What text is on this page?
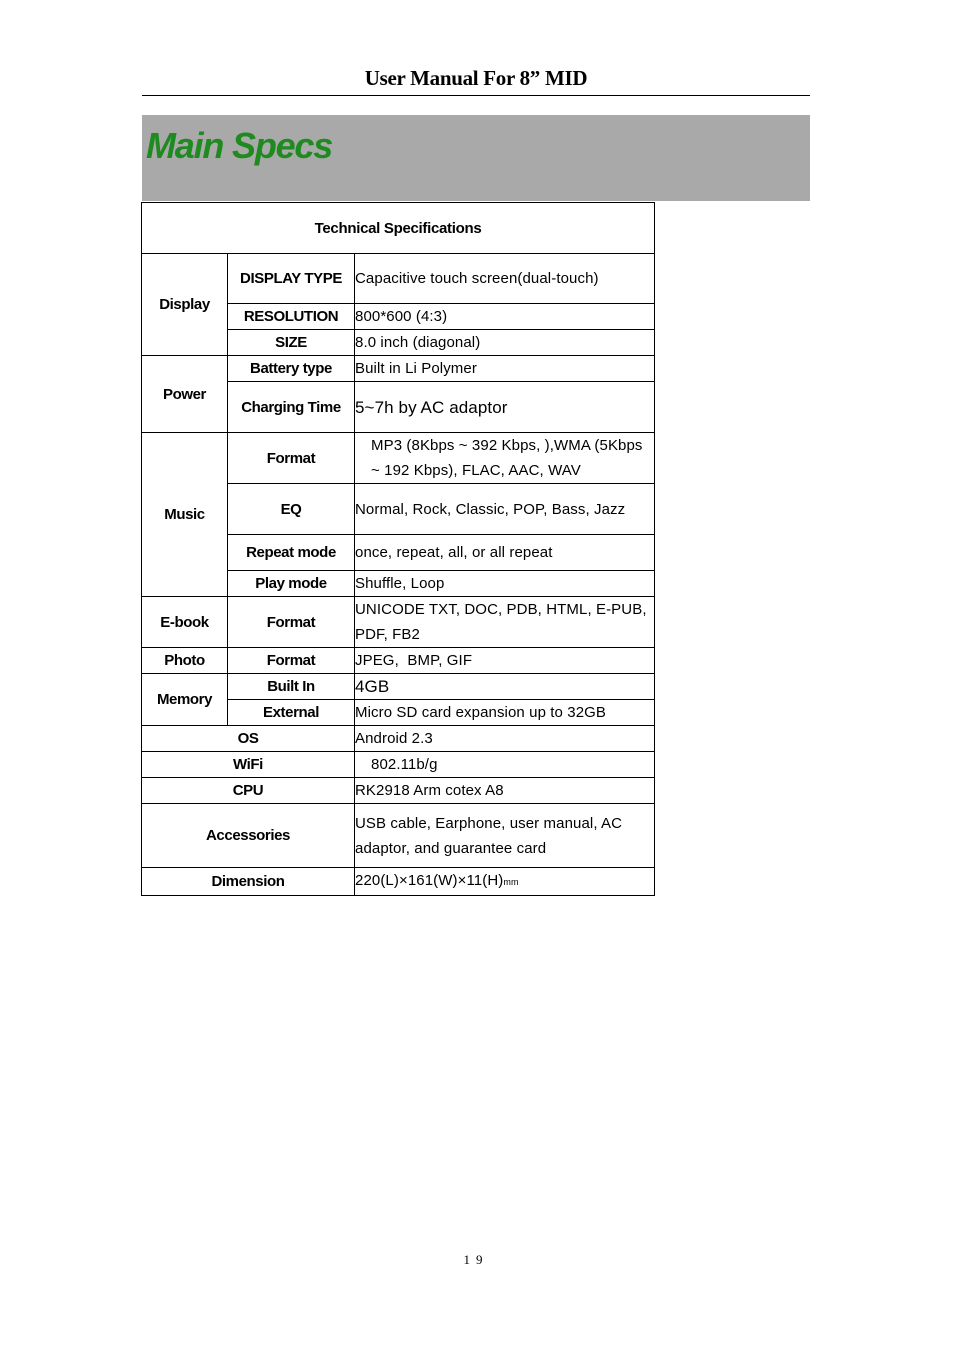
User Manual For 8” MID
Main Specs
Technical Specifications		
Display	DISPLAY TYPE	Capacitive touch screen(dual-touch)
	RESOLUTION	800*600 (4:3)
	SIZE	8.0 inch (diagonal)
Power	Battery type	Built in Li Polymer
	Charging Time	5~7h by AC adaptor
Music	Format	MP3 (8Kbps ~ 392 Kbps, ),WMA (5Kbps ~ 192 Kbps), FLAC, AAC, WAV
	EQ	Normal, Rock, Classic, POP, Bass, Jazz
	Repeat mode	once, repeat, all, or all repeat
	Play mode	Shuffle, Loop
E-book	Format	UNICODE TXT, DOC, PDB, HTML, E-PUB, PDF, FB2
Photo	Format	JPEG,  BMP, GIF
Memory	Built In	4GB
	External	Micro SD card expansion up to 32GB
OS		Android 2.3
WiFi		802.11b/g
CPU		RK2918 Arm cotex A8
Accessories		USB cable, Earphone, user manual, AC adaptor, and guarantee card
Dimension		220(L)×161(W)×11(H)mm
19
